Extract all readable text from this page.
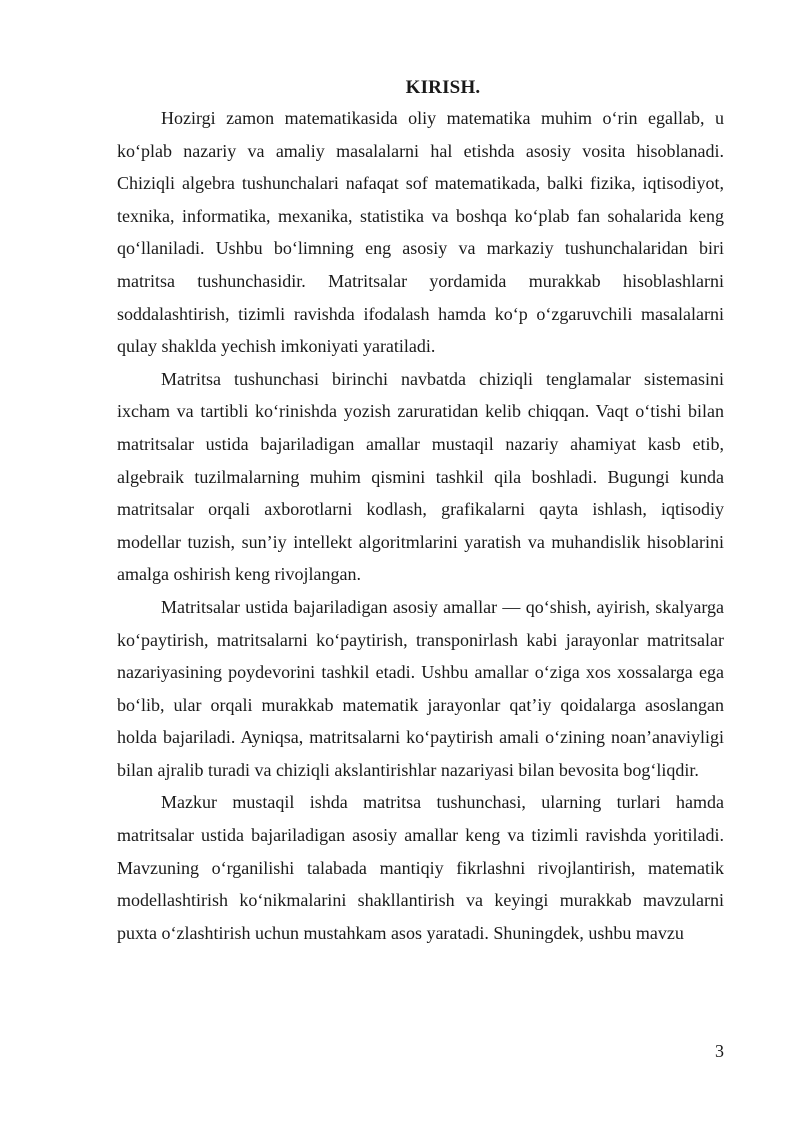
KIRISH.

Hozirgi zamon matematikasida oliy matematika muhim o‘rin egallab, u ko‘plab nazariy va amaliy masalalarni hal etishda asosiy vosita hisoblanadi. Chiziqli algebra tushunchalari nafaqat sof matematikada, balki fizika, iqtisodiyot, texnika, informatika, mexanika, statistika va boshqa ko‘plab fan sohalarida keng qo‘llaniladi. Ushbu bo‘limning eng asosiy va markaziy tushunchalaridan biri matritsa tushunchasidir. Matritsalar yordamida murakkab hisoblashlarni soddalashtirish, tizimli ravishda ifodalash hamda ko‘p o‘zgaruvchili masalalarni qulay shaklda yechish imkoniyati yaratiladi.

Matritsa tushunchasi birinchi navbatda chiziqli tenglamalar sistemasini ixcham va tartibli ko‘rinishda yozish zaruratidan kelib chiqqan. Vaqt o‘tishi bilan matritsalar ustida bajariladigan amallar mustaqil nazariy ahamiyat kasb etib, algebraik tuzilmalarning muhim qismini tashkil qila boshladi. Bugungi kunda matritsalar orqali axborotlarni kodlash, grafikalarni qayta ishlash, iqtisodiy modellar tuzish, sun’iy intellekt algoritmlarini yaratish va muhandislik hisoblarini amalga oshirish keng rivojlangan.

Matritsalar ustida bajariladigan asosiy amallar — qo‘shish, ayirish, skalyarga ko‘paytirish, matritsalarni ko‘paytirish, transponirlash kabi jarayonlar matritsalar nazariyasining poydevorini tashkil etadi. Ushbu amallar o‘ziga xos xossalarga ega bo‘lib, ular orqali murakkab matematik jarayonlar qat’iy qoidalarga asoslangan holda bajariladi. Ayniqsa, matritsalarni ko‘paytirish amali o‘zining noan’anaviyligi bilan ajralib turadi va chiziqli akslantirishlar nazariyasi bilan bevosita bog‘liqdir.

Mazkur mustaqil ishda matritsa tushunchasi, ularning turlari hamda matritsalar ustida bajariladigan asosiy amallar keng va tizimli ravishda yoritiladi. Mavzuning o‘rganilishi talabada mantiqiy fikrlashni rivojlantirish, matematik modellashtirish ko‘nikmalarini shakllantirish va keyingi murakkab mavzularni puxta o‘zlashtirish uchun mustahkam asos yaratadi. Shuningdek, ushbu mavzu

3
